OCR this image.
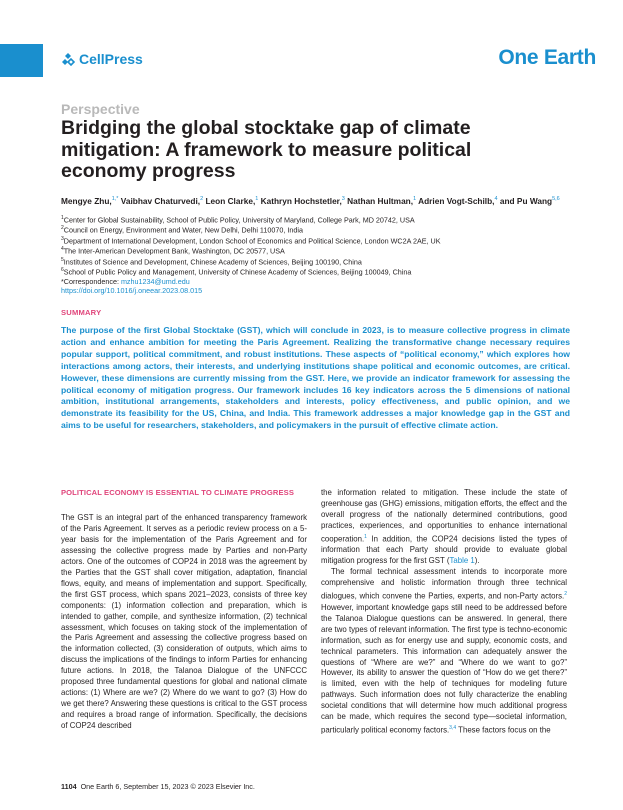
CellPress	One Earth
Perspective
Bridging the global stocktake gap of climate mitigation: A framework to measure political economy progress
Mengye Zhu,$^{1,*}$ Vaibhav Chaturvedi,$^2$ Leon Clarke,$^1$ Kathryn Hochstetler,$^3$ Nathan Hultman,$^1$ Adrien Vogt-Schilb,$^4$ and Pu Wang$^{5,6}$
$^1$Center for Global Sustainability, School of Public Policy, University of Maryland, College Park, MD 20742, USA
$^2$Council on Energy, Environment and Water, New Delhi, Delhi 110070, India
$^3$Department of International Development, London School of Economics and Political Science, London WC2A 2AE, UK
$^4$The Inter-American Development Bank, Washington, DC 20577, USA
$^5$Institutes of Science and Development, Chinese Academy of Sciences, Beijing 100190, China
$^6$School of Public Policy and Management, University of Chinese Academy of Sciences, Beijing 100049, China
*Correspondence: mzhu1234@umd.edu
https://doi.org/10.1016/j.oneear.2023.08.015
SUMMARY
The purpose of the first Global Stocktake (GST), which will conclude in 2023, is to measure collective progress in climate action and enhance ambition for meeting the Paris Agreement. Realizing the transformative change necessary requires popular support, political commitment, and robust institutions. These aspects of “political economy,” which explores how interactions among actors, their interests, and underlying institutions shape political and economic outcomes, are critical. However, these dimensions are currently missing from the GST. Here, we provide an indicator framework for assessing the political economy of mitigation progress. Our framework includes 16 key indicators across the 5 dimensions of national ambition, institutional arrangements, stakeholders and interests, policy effectiveness, and public opinion, and we demonstrate its feasibility for the US, China, and India. This framework addresses a major knowledge gap in the GST and aims to be useful for researchers, stakeholders, and policymakers in the pursuit of effective climate action.
POLITICAL ECONOMY IS ESSENTIAL TO CLIMATE PROGRESS

The GST is an integral part of the enhanced transparency framework of the Paris Agreement. It serves as a periodic review process on a 5-year basis for the implementation of the Paris Agreement and for assessing the collective progress made by Parties and non-Party actors. One of the outcomes of COP24 in 2018 was the agreement by the Parties that the GST shall cover mitigation, adaptation, financial flows, equity, and means of implementation and support. Specifically, the first GST process, which spans 2021–2023, consists of three key components: (1) information collection and preparation, which is intended to gather, compile, and synthesize information, (2) technical assessment, which focuses on taking stock of the implementation of the Paris Agreement and assessing the collective progress based on the information collected, (3) consideration of outputs, which aims to discuss the implications of the findings to inform Parties for enhancing future actions. In 2018, the Talanoa Dialogue of the UNFCCC proposed three fundamental questions for global and national climate actions: (1) Where are we? (2) Where do we want to go? (3) How do we get there? Answering these questions is critical to the GST process and requires a broad range of information. Specifically, the decisions of COP24 described

the information related to mitigation. These include the state of greenhouse gas (GHG) emissions, mitigation efforts, the effect and the overall progress of the nationally determined contributions, good practices, experiences, and opportunities to enhance international cooperation.$^1$ In addition, the COP24 decisions listed the types of information that each Party should provide to evaluate global mitigation progress for the first GST (Table 1).

The formal technical assessment intends to incorporate more comprehensive and holistic information through three technical dialogues, which convene the Parties, experts, and non-Party actors.$^2$ However, important knowledge gaps still need to be addressed before the Talanoa Dialogue questions can be answered. In general, there are two types of relevant information. The first type is techno-economic information, such as for energy use and supply, economic costs, and technical parameters. This information can adequately answer the questions of “Where are we?” and “Where do we want to go?” However, its ability to answer the question of “How do we get there?” is limited, even with the help of techniques for modeling future pathways. Such information does not fully characterize the enabling societal conditions that will determine how much additional progress can be made, which requires the second type—societal information, particularly political economy factors.$^{3,4}$ These factors focus on the

1104 One Earth 6, September 15, 2023 © 2023 Elsevier Inc.
